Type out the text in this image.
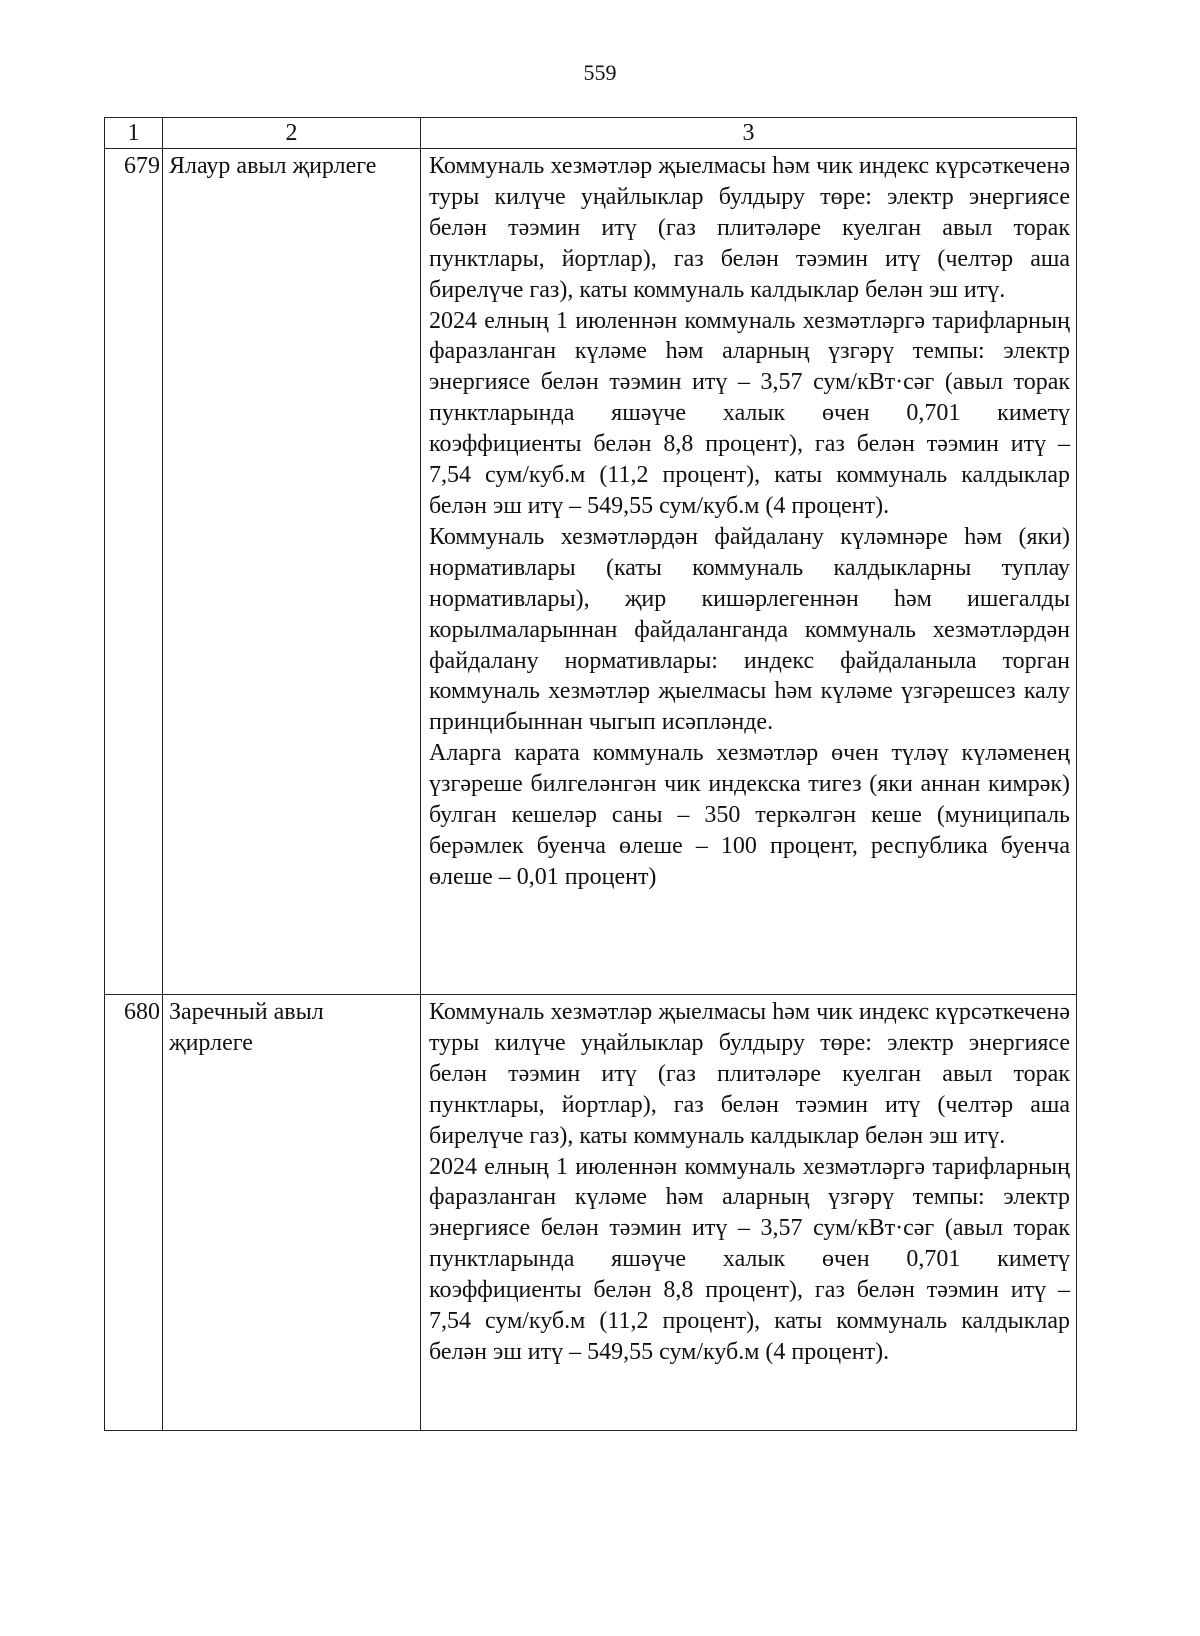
559
1	2	3
679	Ялаур авыл җирлеге	Коммуналь хезмәтләр җыелмасы һәм чик индекс күрсәткеченә туры килүче уңайлыклар булдыру төре: электр энергиясе белән тәэмин итү (газ плитәләре куелган авыл торак пунктлары, йортлар), газ белән тәэмин итү (челтәр аша бирелүче газ), каты коммуналь калдыклар белән эш итү.

2024 елның 1 июленнән коммуналь хезмәтләргә тарифларның фаразланган күләме һәм аларның үзгәрү темпы: электр энергиясе белән тәэмин итү – 3,57 сум/кВт·сәг (авыл торак пунктларында яшәүче халык өчен 0,701 киметү коэффициенты белән 8,8 процент), газ белән тәэмин итү – 7,54 сум/куб.м (11,2 процент), каты коммуналь калдыклар белән эш итү – 549,55 сум/куб.м (4 процент).

Коммуналь хезмәтләрдән файдалану күләмнәре һәм (яки) нормативлары (каты коммуналь калдыкларны туплау нормативлары), җир кишәрлегеннән һәм ишегалды корылмаларыннан файдаланганда коммуналь хезмәтләрдән файдалану нормативлары: индекс файдаланыла торган коммуналь хезмәтләр җыелмасы һәм күләме үзгәрешсез калу принцибыннан чыгып исәпләнде.

Аларга карата коммуналь хезмәтләр өчен түләү күләменең үзгәреше билгеләнгән чик индекска тигез (яки аннан кимрәк) булган кешеләр саны – 350 теркәлгән кеше (муниципаль берәмлек буенча өлеше – 100 процент, республика буенча өлеше – 0,01 процент)

680	Заречный авыл җирлеге	Коммуналь хезмәтләр җыелмасы һәм чик индекс күрсәткеченә туры килүче уңайлыклар булдыру төре: электр энергиясе белән тәэмин итү (газ плитәләре куелган авыл торак пунктлары, йортлар), газ белән тәэмин итү (челтәр аша бирелүче газ), каты коммуналь калдыклар белән эш итү.

2024 елның 1 июленнән коммуналь хезмәтләргә тарифларның фаразланган күләме һәм аларның үзгәрү темпы: электр энергиясе белән тәэмин итү – 3,57 сум/кВт·сәг (авыл торак пунктларында яшәүче халык өчен 0,701 киметү коэффициенты белән 8,8 процент), газ белән тәэмин итү – 7,54 сум/куб.м (11,2 процент), каты коммуналь калдыклар белән эш итү – 549,55 сум/куб.м (4 процент).
